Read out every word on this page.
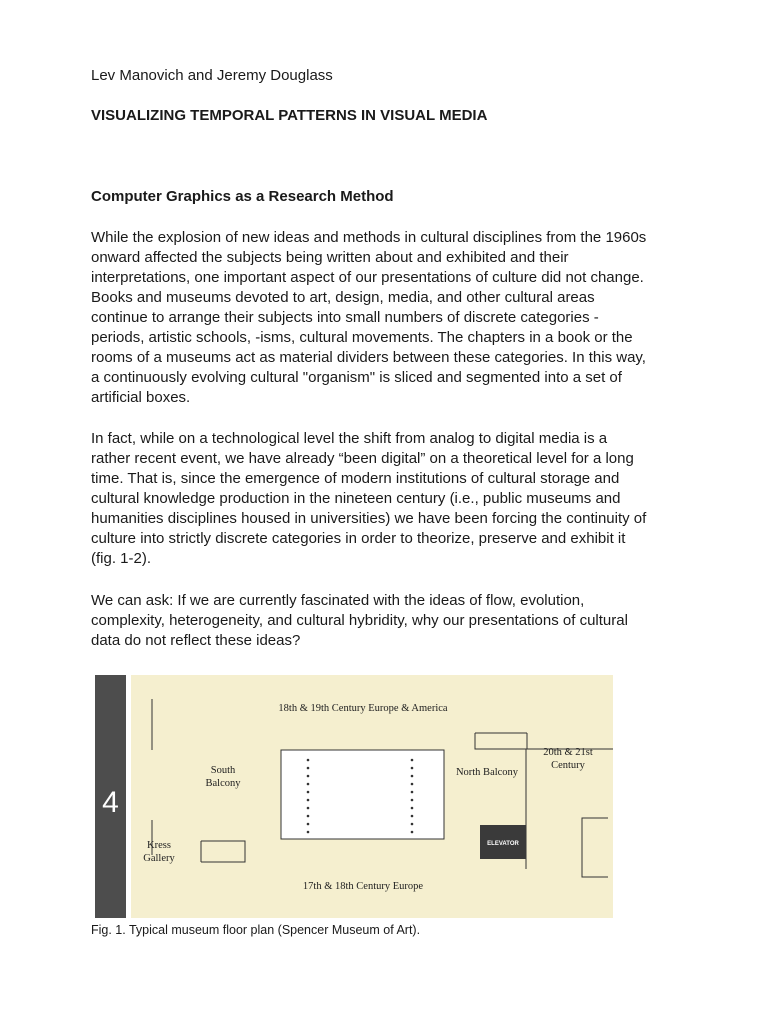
Lev Manovich and Jeremy Douglass
VISUALIZING TEMPORAL PATTERNS IN VISUAL MEDIA
Computer Graphics as a Research Method

While the explosion of new ideas and methods in cultural disciplines from the 1960s
onward affected the subjects being written about and exhibited and their
interpretations, one important aspect of our presentations of culture did not change.
Books and museums devoted to art, design, media, and other cultural areas
continue to arrange their subjects into small numbers of discrete categories -
periods, artistic schools, -isms, cultural movements. The chapters in a book or the
rooms of a museums act as material dividers between these categories. In this way,
a continuously evolving cultural "organism" is sliced and segmented into a set of
artificial boxes.

In fact, while on a technological level the shift from analog to digital media is a
rather recent event, we have already “been digital” on a theoretical level for a long
time. That is, since the emergence of modern institutions of cultural storage and
cultural knowledge production in the nineteen century (i.e., public museums and
humanities disciplines housed in universities) we have been forcing the continuity of
culture into strictly discrete categories in order to theorize, preserve and exhibit it
(fig. 1-2).

We can ask: If we are currently fascinated with the ideas of flow, evolution,
complexity, heterogeneity, and cultural hybridity, why our presentations of cultural
data do not reflect these ideas?

4
ELEVATOR
18th & 19th Century Europe & America
South
Balcony
North Balcony
20th & 21st
Century
Kress
Gallery
17th & 18th Century Europe
Fig. 1. Typical museum floor plan (Spencer Museum of Art).
